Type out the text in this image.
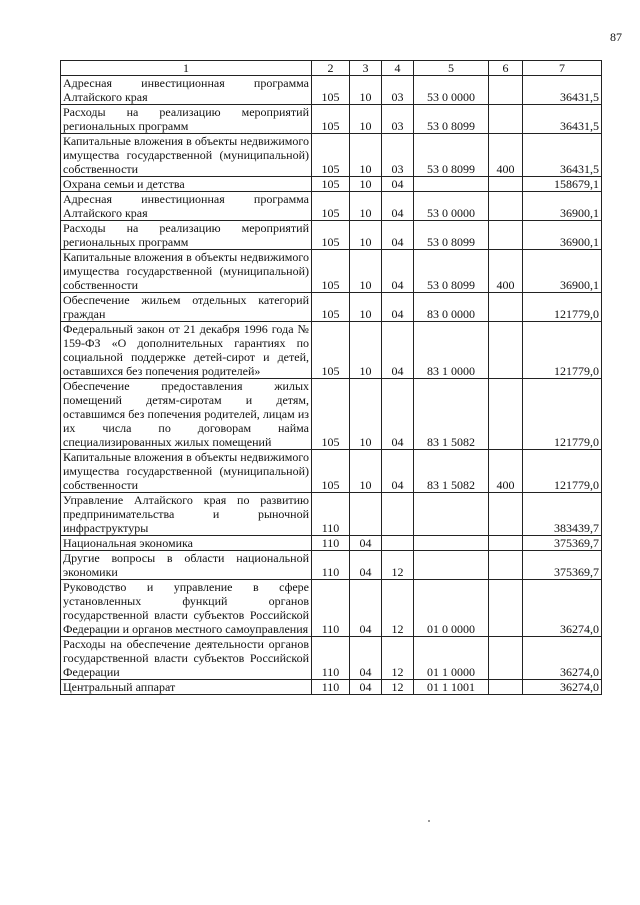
87
1	2	3	4	5	6	7
Адресная инвестиционная программа Алтайского края	105	10	03	53 0 0000		36431,5
Расходы на реализацию мероприятий региональных программ	105	10	03	53 0 8099		36431,5
Капитальные вложения в объекты недвижимого имущества государственной (муниципальной) собственности	105	10	03	53 0 8099	400	36431,5
Охрана семьи и детства	105	10	04			158679,1
Адресная инвестиционная программа Алтайского края	105	10	04	53 0 0000		36900,1
Расходы на реализацию мероприятий региональных программ	105	10	04	53 0 8099		36900,1
Капитальные вложения в объекты недвижимого имущества государственной (муниципальной) собственности	105	10	04	53 0 8099	400	36900,1
Обеспечение жильем отдельных категорий граждан	105	10	04	83 0 0000		121779,0
Федеральный закон от 21 декабря 1996 года № 159-ФЗ «О дополнительных гарантиях по социальной поддержке детей-сирот и детей, оставшихся без попечения родителей»	105	10	04	83 1 0000		121779,0
Обеспечение предоставления жилых помещений детям-сиротам и детям, оставшимся без попечения родителей, лицам из их числа по договорам найма специализированных жилых помещений	105	10	04	83 1 5082		121779,0
Капитальные вложения в объекты недвижимого имущества государственной (муниципальной) собственности	105	10	04	83 1 5082	400	121779,0
Управление Алтайского края по развитию предпринимательства и рыночной инфраструктуры	110					383439,7
Национальная экономика	110	04				375369,7
Другие вопросы в области национальной экономики	110	04	12			375369,7
Руководство и управление в сфере установленных функций органов государственной власти субъектов Российской Федерации и органов местного самоуправления	110	04	12	01 0 0000		36274,0
Расходы на обеспечение деятельности органов государственной власти субъектов Российской Федерации	110	04	12	01 1 0000		36274,0
Центральный аппарат	110	04	12	01 1 1001		36274,0
